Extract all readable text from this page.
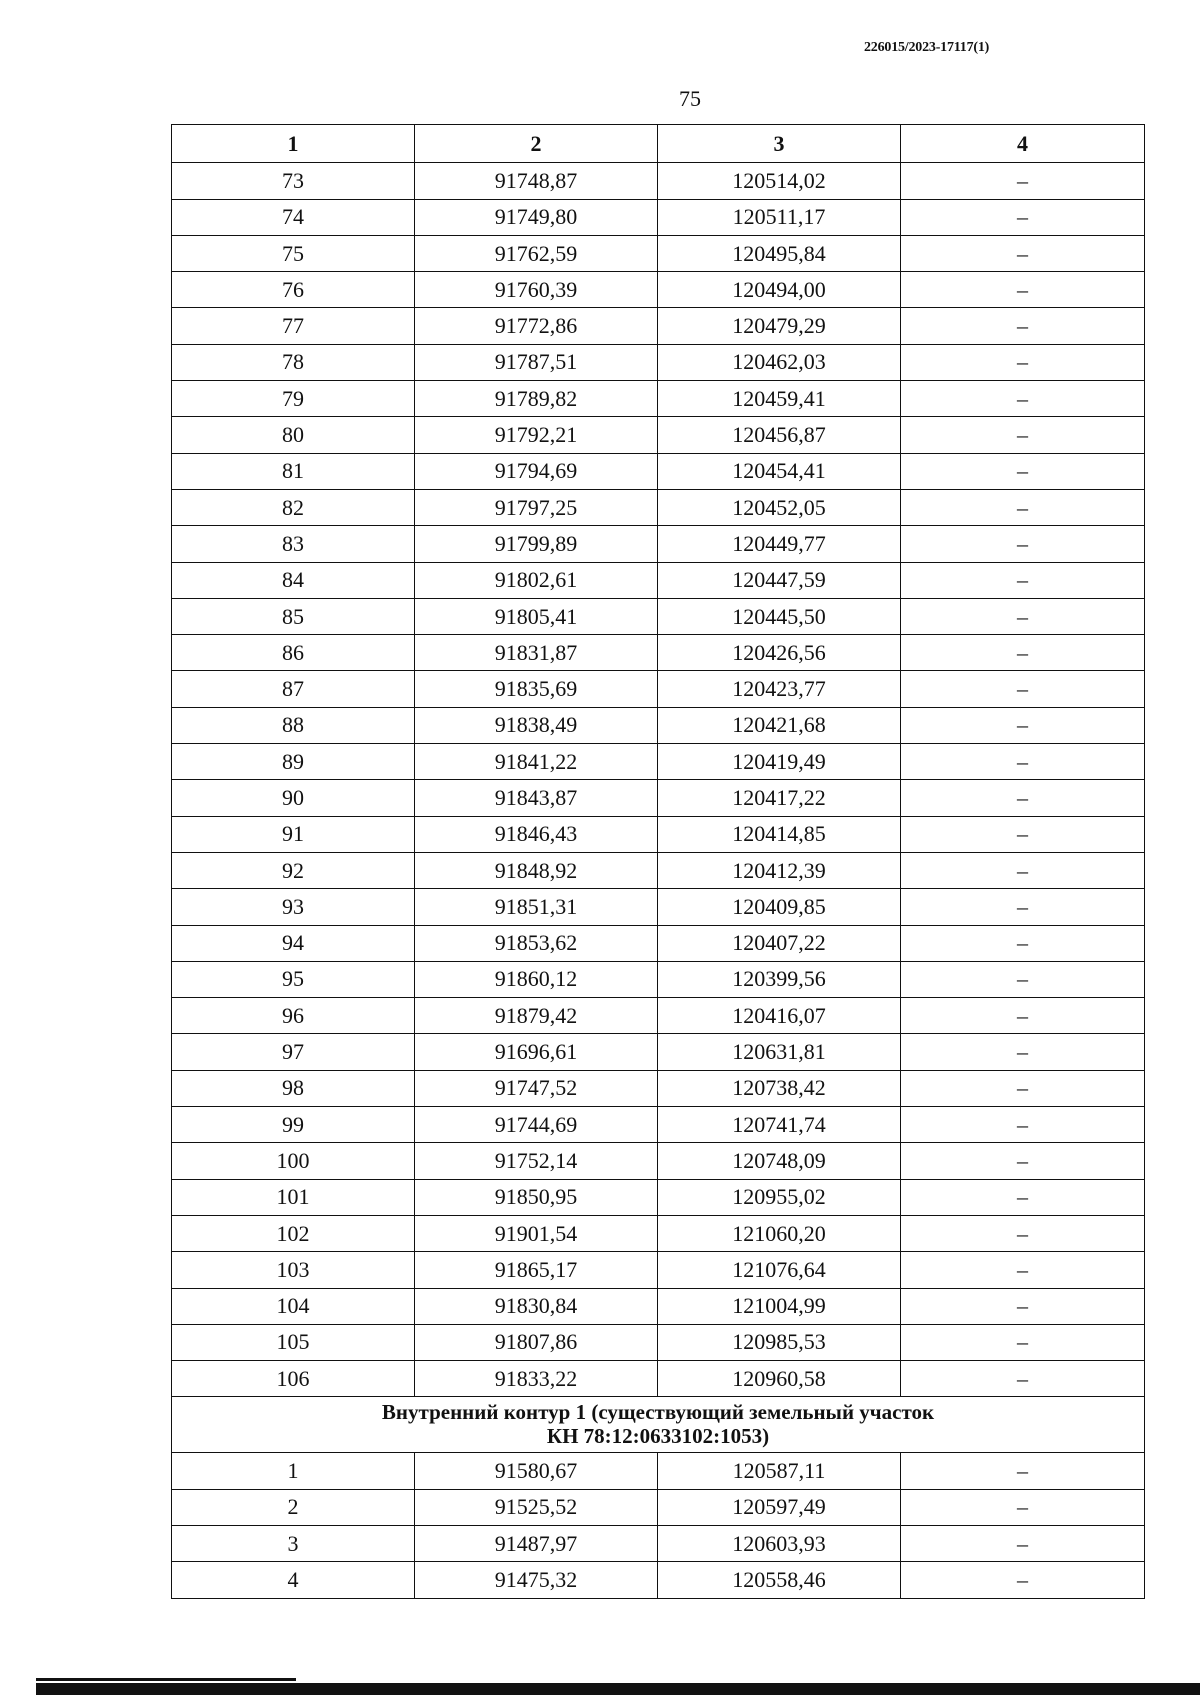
226015/2023-17117(1)
75
1	2	3	4
73	91748,87	120514,02	–
74	91749,80	120511,17	–
75	91762,59	120495,84	–
76	91760,39	120494,00	–
77	91772,86	120479,29	–
78	91787,51	120462,03	–
79	91789,82	120459,41	–
80	91792,21	120456,87	–
81	91794,69	120454,41	–
82	91797,25	120452,05	–
83	91799,89	120449,77	–
84	91802,61	120447,59	–
85	91805,41	120445,50	–
86	91831,87	120426,56	–
87	91835,69	120423,77	–
88	91838,49	120421,68	–
89	91841,22	120419,49	–
90	91843,87	120417,22	–
91	91846,43	120414,85	–
92	91848,92	120412,39	–
93	91851,31	120409,85	–
94	91853,62	120407,22	–
95	91860,12	120399,56	–
96	91879,42	120416,07	–
97	91696,61	120631,81	–
98	91747,52	120738,42	–
99	91744,69	120741,74	–
100	91752,14	120748,09	–
101	91850,95	120955,02	–
102	91901,54	121060,20	–
103	91865,17	121076,64	–
104	91830,84	121004,99	–
105	91807,86	120985,53	–
106	91833,22	120960,58	–

Внутренний контур 1 (существующий земельный участок
КН 78:12:0633102:1053)			

1	91580,67	120587,11	–
2	91525,52	120597,49	–
3	91487,97	120603,93	–
4	91475,32	120558,46	–
